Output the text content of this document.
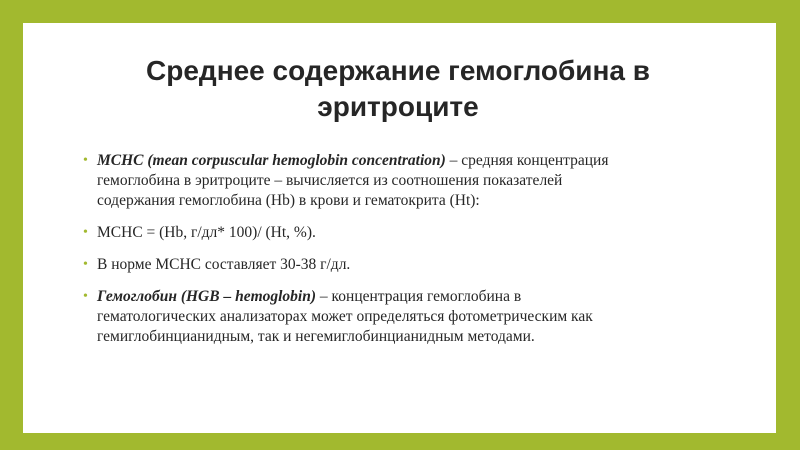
Среднее содержание гемоглобина в
эритроците
• МСНС (mean corpuscular hemoglobin concentration) – средняя концентрация
гемоглобина в эритроците – вычисляется из соотношения показателей
содержания гемоглобина (Hb) в крови и гематокрита (Ht):
• МСНС = (Hb, г/дл* 100)/ (Ht, %).
• В норме МСНС составляет 30-38 г/дл.
• Гемоглобин (HGB – hemoglobin) – концентрация гемоглобина в
гематологических анализаторах может определяться фотометрическим как
гемиглобинцианидным, так и негемиглобинцианидным методами.
